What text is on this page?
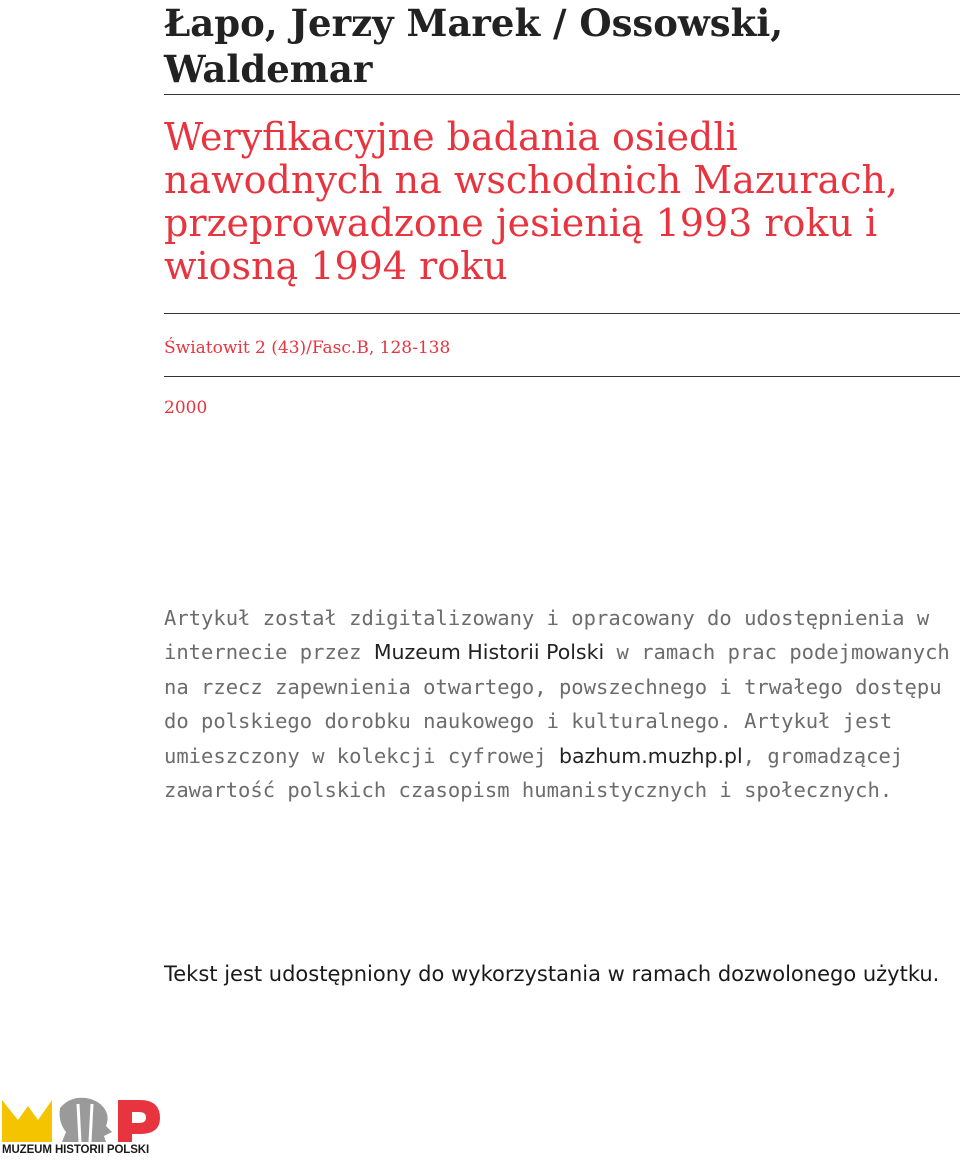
Łapo, Jerzy Marek / Ossowski, Waldemar
Weryfikacyjne badania osiedli nawodnych na wschodnich Mazurach, przeprowadzone jesienią 1993 roku i wiosną 1994 roku
Światowit 2 (43)/Fasc.B, 128-138
2000

Artykuł został zdigitalizowany i opracowany do udostępnienia w internecie przez Muzeum Historii Polski w ramach prac podejmowanych na rzecz zapewnienia otwartego, powszechnego i trwałego dostępu do polskiego dorobku naukowego i kulturalnego. Artykuł jest umieszczony w kolekcji cyfrowej bazhum.muzhp.pl, gromadzącej zawartość polskich czasopism humanistycznych i społecznych.

Tekst jest udostępniony do wykorzystania w ramach dozwolonego użytku.

MUZEUM HISTORII POLSKI
